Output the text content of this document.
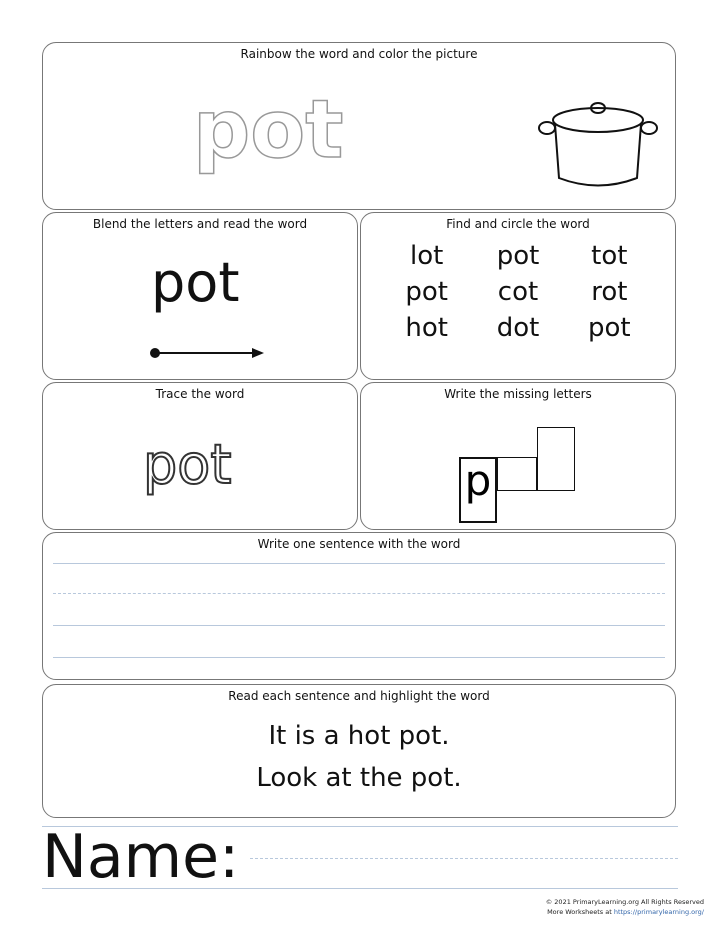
Rainbow the word and color the picture
pot
Blend the letters and read the word
pot
Find and circle the word
lot	pot	tot
pot	cot	rot
hot	dot	pot
Trace the word
pot
Write the missing letters
p
Write one sentence with the word
Read each sentence and highlight the word
It is a hot pot.
Look at the pot.
Name:
© 2021 PrimaryLearning.org All Rights Reserved
More Worksheets at https://primarylearning.org/
